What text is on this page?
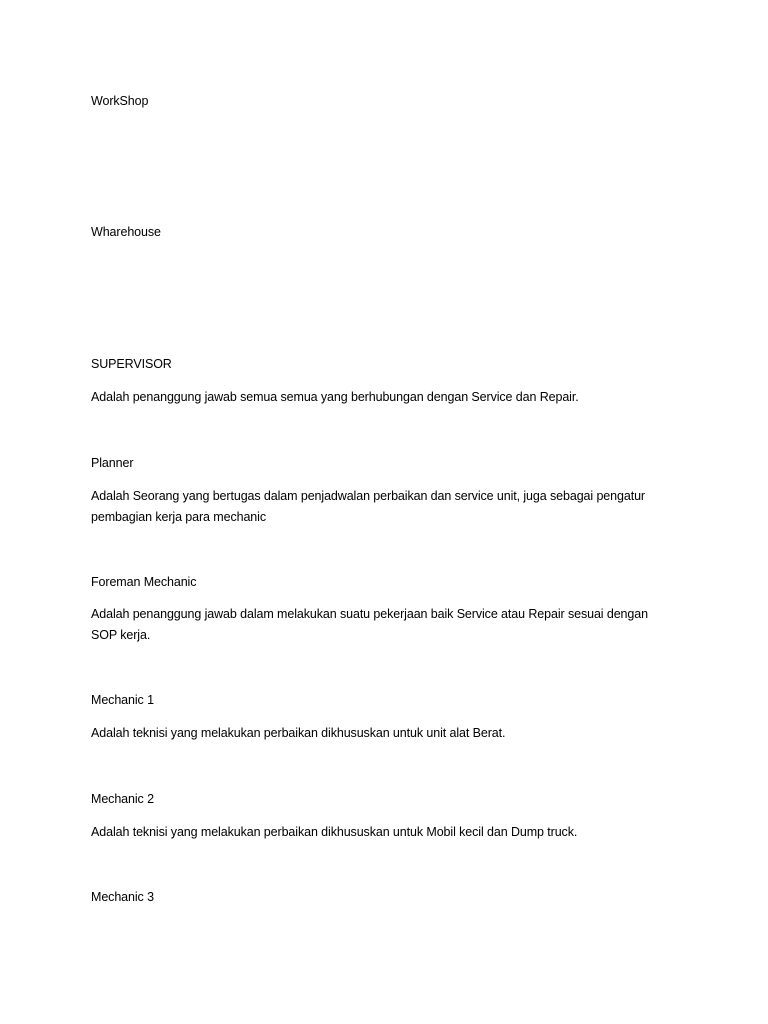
WorkShop
Wharehouse
SUPERVISOR
Adalah penanggung jawab semua semua yang berhubungan dengan Service dan Repair.
Planner
Adalah Seorang yang bertugas dalam penjadwalan perbaikan dan service unit, juga sebagai pengatur
pembagian kerja para mechanic
Foreman Mechanic
Adalah penanggung jawab dalam melakukan suatu pekerjaan baik Service atau Repair sesuai dengan
SOP kerja.
Mechanic 1
Adalah teknisi yang melakukan perbaikan dikhususkan untuk unit alat Berat.
Mechanic 2
Adalah teknisi yang melakukan perbaikan dikhususkan untuk Mobil kecil dan Dump truck.
Mechanic 3
